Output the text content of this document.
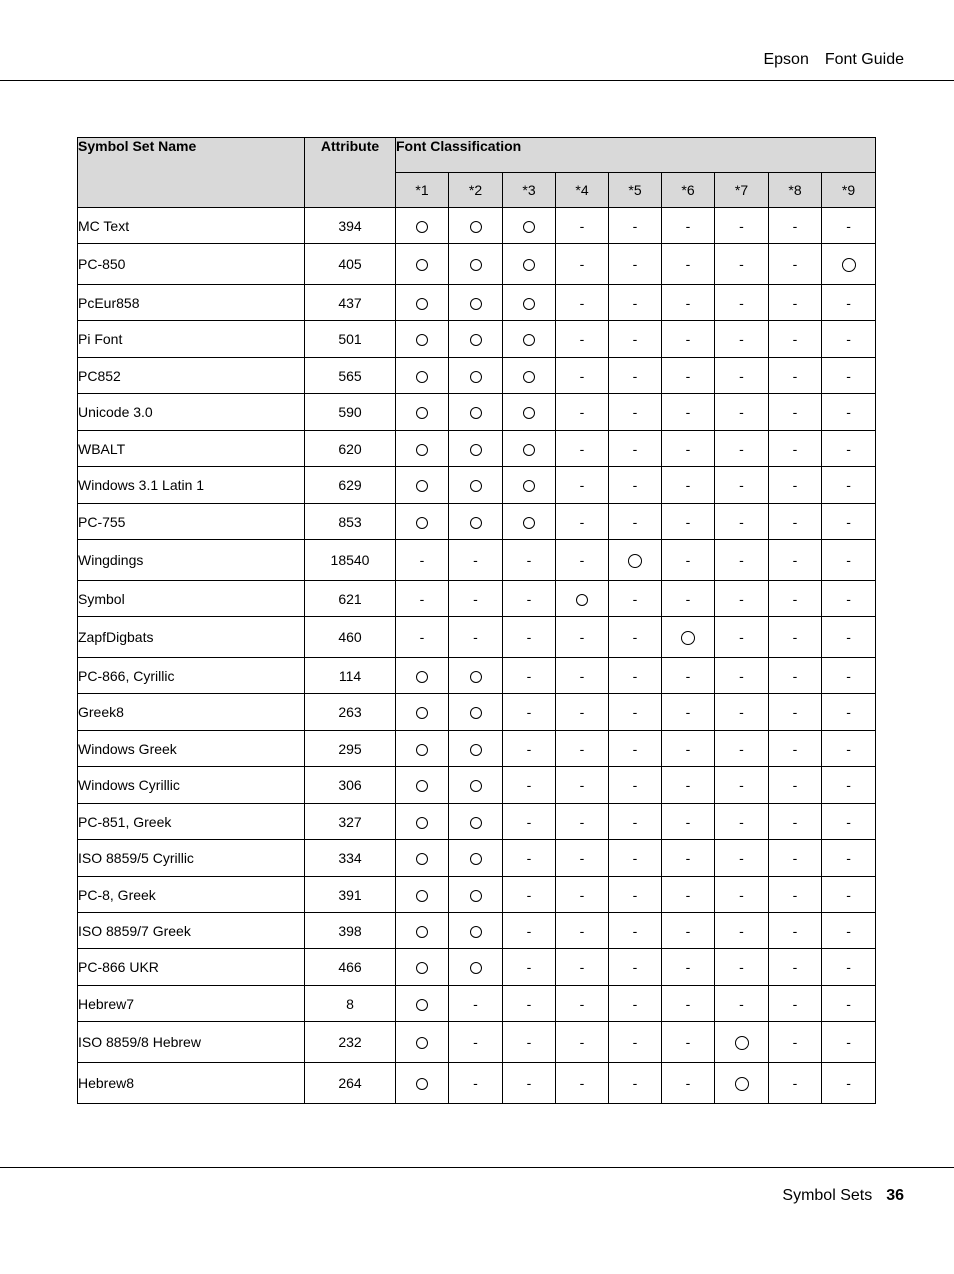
Epson Font Guide
Symbol Set Name	Attribute	Font Classification								
		*1	*2	*3	*4	*5	*6	*7	*8	*9
MC Text	394				-	-	-	-	-	-
PC-850	405				-	-	-	-	-	
PcEur858	437				-	-	-	-	-	-
Pi Font	501				-	-	-	-	-	-
PC852	565				-	-	-	-	-	-
Unicode 3.0	590				-	-	-	-	-	-
WBALT	620				-	-	-	-	-	-
Windows 3.1 Latin 1	629				-	-	-	-	-	-
PC-755	853				-	-	-	-	-	-
Wingdings	18540	-	-	-	-		-	-	-	-
Symbol	621	-	-	-		-	-	-	-	-
ZapfDigbats	460	-	-	-	-	-		-	-	-
PC-866, Cyrillic	114			-	-	-	-	-	-	-
Greek8	263			-	-	-	-	-	-	-
Windows Greek	295			-	-	-	-	-	-	-
Windows Cyrillic	306			-	-	-	-	-	-	-
PC-851, Greek	327			-	-	-	-	-	-	-
ISO 8859/5 Cyrillic	334			-	-	-	-	-	-	-
PC-8, Greek	391			-	-	-	-	-	-	-
ISO 8859/7 Greek	398			-	-	-	-	-	-	-
PC-866 UKR	466			-	-	-	-	-	-	-
Hebrew7	8		-	-	-	-	-	-	-	-
ISO 8859/8 Hebrew	232		-	-	-	-	-		-	-
Hebrew8	264		-	-	-	-	-		-	-
Symbol Sets 36
